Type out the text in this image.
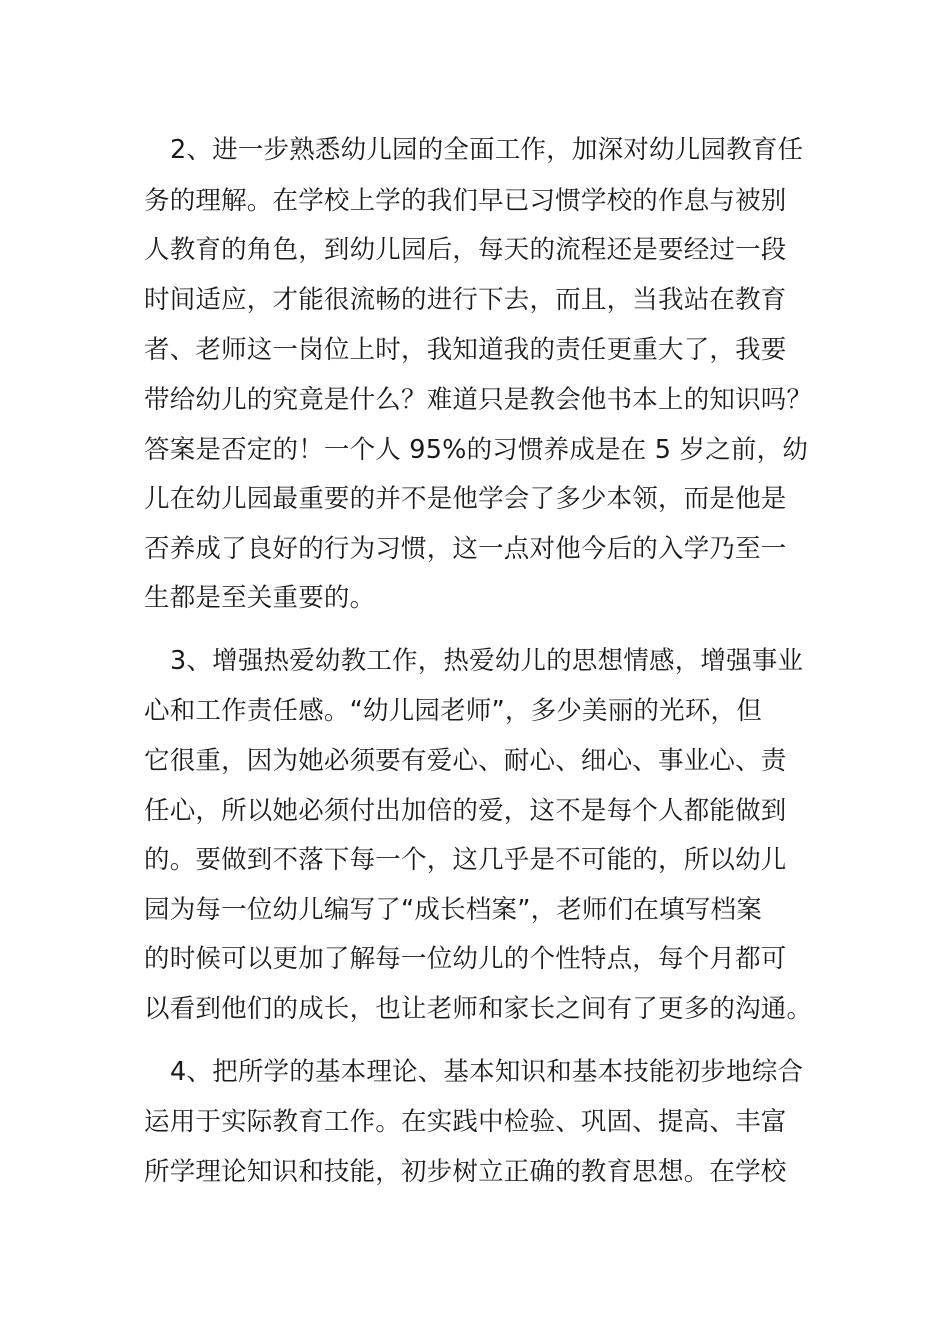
2、进一步熟悉幼儿园的全面工作，加深对幼儿园教育任
务的理解。在学校上学的我们早已习惯学校的作息与被别
人教育的角色，到幼儿园后，每天的流程还是要经过一段
时间适应，才能很流畅的进行下去，而且，当我站在教育
者、老师这一岗位上时，我知道我的责任更重大了，我要
带给幼儿的究竟是什么？难道只是教会他书本上的知识吗？
答案是否定的！一个人 95%的习惯养成是在 5 岁之前，幼
儿在幼儿园最重要的并不是他学会了多少本领，而是他是
否养成了良好的行为习惯，这一点对他今后的入学乃至一
生都是至关重要的。
3、增强热爱幼教工作，热爱幼儿的思想情感，增强事业
心和工作责任感。“幼儿园老师”，多少美丽的光环，但
它很重，因为她必须要有爱心、耐心、细心、事业心、责
任心，所以她必须付出加倍的爱，这不是每个人都能做到
的。要做到不落下每一个，这几乎是不可能的，所以幼儿
园为每一位幼儿编写了“成长档案”，老师们在填写档案
的时候可以更加了解每一位幼儿的个性特点，每个月都可
以看到他们的成长，也让老师和家长之间有了更多的沟通。
4、把所学的基本理论、基本知识和基本技能初步地综合
运用于实际教育工作。在实践中检验、巩固、提高、丰富
所学理论知识和技能，初步树立正确的教育思想。在学校
